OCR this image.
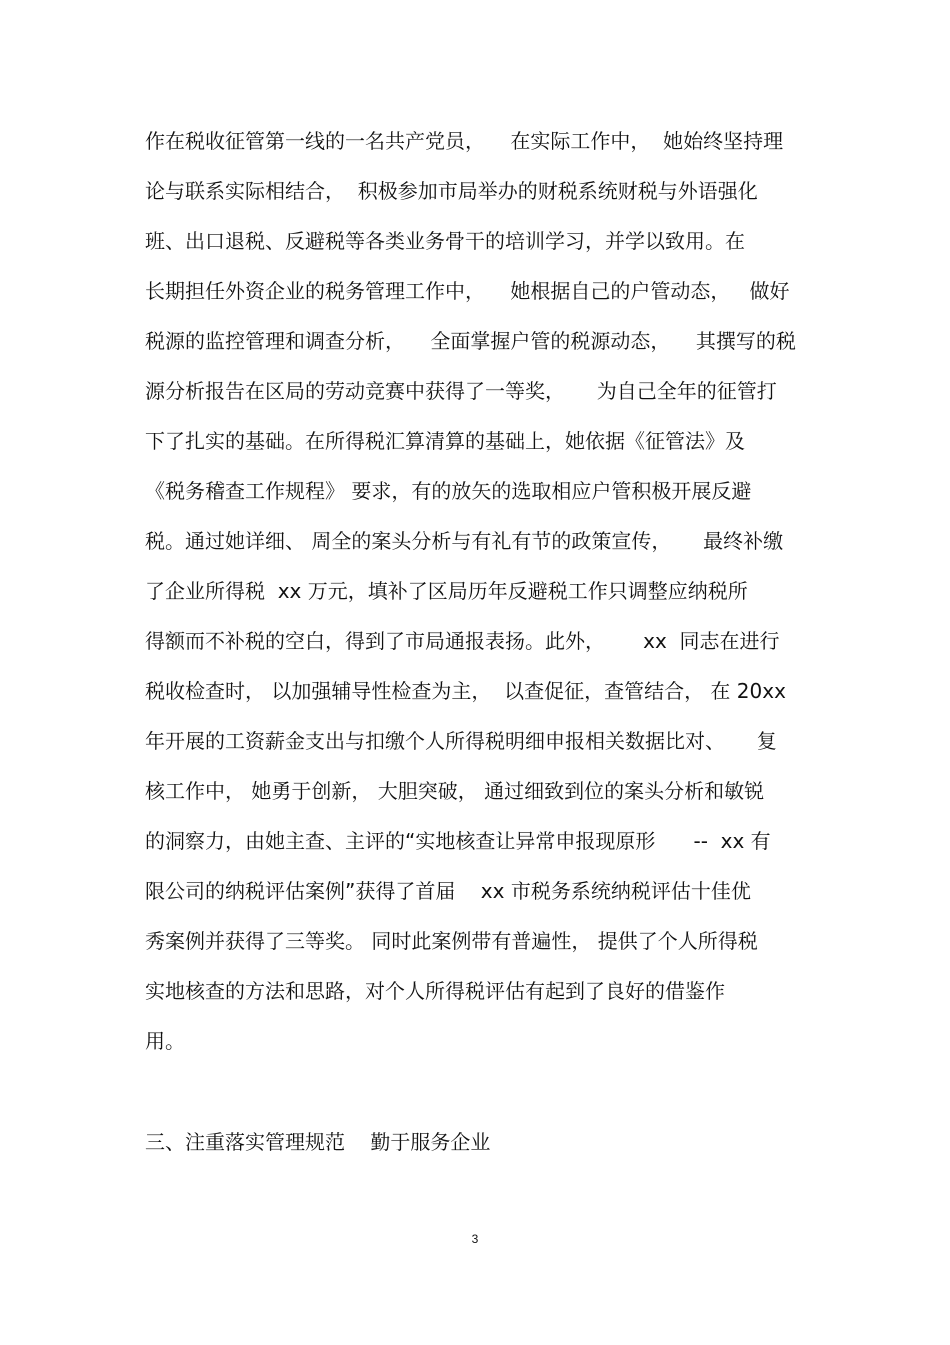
作在税收征管第一线的一名共产党员，    在实际工作中，  她始终坚持理
论与联系实际相结合，  积极参加市局举办的财税系统财税与外语强化
班、出口退税、反避税等各类业务骨干的培训学习，并学以致用。在
长期担任外资企业的税务管理工作中，    她根据自己的户管动态，   做好
税源的监控管理和调查分析，    全面掌握户管的税源动态，    其撰写的税
源分析报告在区局的劳动竞赛中获得了一等奖，     为自己全年的征管打
下了扎实的基础。在所得税汇算清算的基础上，她依据《征管法》及
《税务稽查工作规程》 要求，有的放矢的选取相应户管积极开展反避
税。通过她详细、 周全的案头分析与有礼有节的政策宣传，     最终补缴
了企业所得税  xx 万元，填补了区局历年反避税工作只调整应纳税所
得额而不补税的空白，得到了市局通报表扬。此外，      xx  同志在进行
税收检查时， 以加强辅导性检查为主，  以查促征，查管结合， 在 20xx
年开展的工资薪金支出与扣缴个人所得税明细申报相关数据比对、     复
核工作中， 她勇于创新， 大胆突破， 通过细致到位的案头分析和敏锐
的洞察力，由她主查、主评的“实地核查让异常申报现原形      --  xx 有
限公司的纳税评估案例”获得了首届    xx 市税务系统纳税评估十佳优
秀案例并获得了三等奖。 同时此案例带有普遍性， 提供了个人所得税
实地核查的方法和思路，对个人所得税评估有起到了良好的借鉴作
用。
三、注重落实管理规范    勤于服务企业
3
